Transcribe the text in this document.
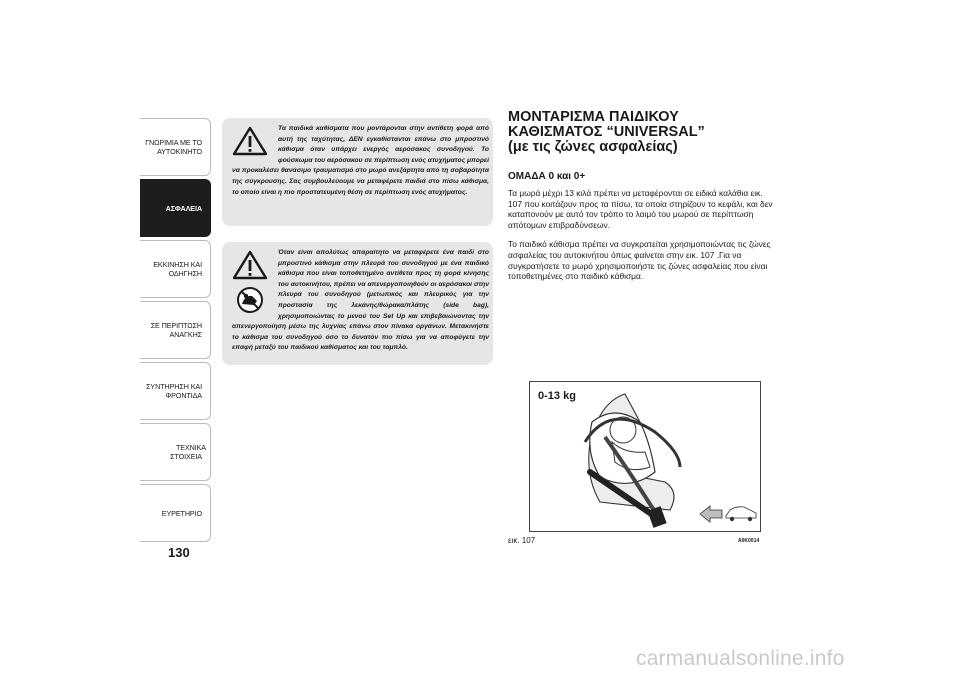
ΓΝΩΡΙΜΙΑ ΜΕ ΤΟ
ΑΥΤΟΚΙΝΗΤΟ
ΑΣΦΑΛΕΙΑ
ΕΚΚΙΝΗΣΗ ΚΑΙ
ΟΔΗΓΗΣΗ
ΣΕ ΠΕΡΙΠΤΩΣΗ
ΑΝΑΓΚΗΣ
ΣΥΝΤΗΡΗΣΗ ΚΑΙ
ΦΡΟΝΤΙΔΑ
ΤΕΧΝΙΚΑ ΣΤΟΙΧΕΙΑ
ΕΥΡΕΤΗΡΙΟ
130
Τα παιδικά καθίσματα που μοντάρονται στην αντίθετη φορά από αυτή της ταχύτητας, ΔΕΝ εγκαθίστανται επάνω στο μπροστινό κάθισμα όταν υπάρχει ενεργός αερόσακος συνοδηγού. Το φούσκωμα του αερόσακου σε περίπτωση ενός ατυχήματος μπορεί να προκαλέσει θανάσιμο τραυματισμό στο μωρό ανεξάρτητα από τη σοβαρότητα της σύγκρουσης. Σας συμβουλεύουμε να μεταφέρετε παιδιά στο πίσω κάθισμα, το οποίο είναι η πιο προστατευμένη θέση σε περίπτωση ενός ατυχήματος.

Όταν είναι απολύτως απαραίτητο να μεταφέρετε ένα παιδί στο μπροστινό κάθισμα στην πλευρά του συνοδηγού με ένα παιδικό κάθισμα που είναι τοποθετημένο αντίθετα προς τη φορά κίνησης του αυτοκινήτου, πρέπει να απενεργοποιηθούν οι αερόσακοι στην πλευρά του συνοδηγού (μετωπικός και πλευρικός για την προστασία της λεκάνης/θώρακα/πλάτης (side bag), χρησιμοποιώντας το μενού του Set Up και επιβεβαιώνοντας την απενεργοποίηση μέσω της λυχνίας επάνω στον πίνακα οργάνων. Μετακινήστε το κάθισμα του συνοδηγού όσο το δυνατόν πιο πίσω για να αποφύγετε την επαφή μεταξύ του παιδικού καθίσματος και του ταμπλό.
ΜΟΝΤΑΡΙΣΜΑ ΠΑΙΔΙΚΟΥ
ΚΑΘΙΣΜΑΤΟΣ “UNIVERSAL”
(με τις ζώνες ασφαλείας)
ΟΜΑΔΑ 0 και 0+

Τα μωρά μέχρι 13 κιλά πρέπει να μεταφέρονται σε ειδικά καλάθια εικ. 107 που κοιτάζουν προς τα πίσω, τα οποία στηρίζουν το κεφάλι, και δεν καταπονούν με αυτό τον τρόπο το λαιμό του μωρού σε περίπτωση απότομων επιβραδύνσεων.

Το παιδικό κάθισμα πρέπει να συγκρατείται χρησιμοποιώντας τις ζώνες ασφαλείας του αυτοκινήτου όπως φαίνεται στην εικ. 107 .Για να συγκρατήσετε το μωρό χρησιμοποιήστε τις ζώνες ασφαλείας που είναι τοποθετημένες στο παιδικό κάθισμα.

0-13 kg
εικ. 107	A0K0014
carmanualsonline.info
